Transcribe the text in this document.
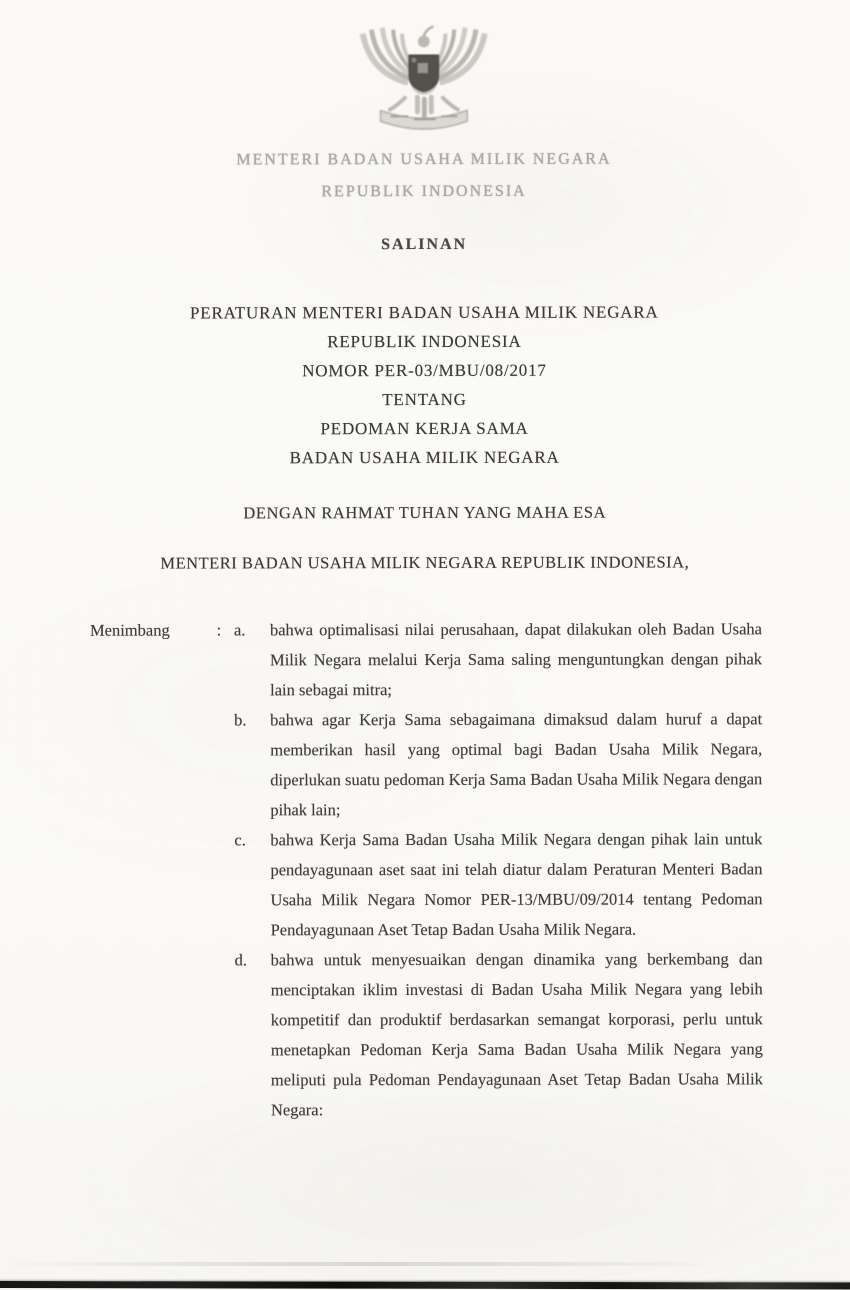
MENTERI BADAN USAHA MILIK NEGARA
REPUBLIK INDONESIA
SALINAN
PERATURAN MENTERI BADAN USAHA MILIK NEGARA
REPUBLIK INDONESIA
NOMOR PER-03/MBU/08/2017
TENTANG
PEDOMAN KERJA SAMA
BADAN USAHA MILIK NEGARA
DENGAN RAHMAT TUHAN YANG MAHA ESA
MENTERI BADAN USAHA MILIK NEGARA REPUBLIK INDONESIA,
Menimbang	: a.	bahwa optimalisasi nilai perusahaan, dapat dilakukan oleh Badan Usaha Milik Negara melalui Kerja Sama saling menguntungkan dengan pihak lain sebagai mitra;
b.	bahwa agar Kerja Sama sebagaimana dimaksud dalam huruf a dapat memberikan hasil yang optimal bagi Badan Usaha Milik Negara, diperlukan suatu pedoman Kerja Sama Badan Usaha Milik Negara dengan pihak lain;
c.	bahwa Kerja Sama Badan Usaha Milik Negara dengan pihak lain untuk pendayagunaan aset saat ini telah diatur dalam Peraturan Menteri Badan Usaha Milik Negara Nomor PER-13/MBU/09/2014 tentang Pedoman Pendayagunaan Aset Tetap Badan Usaha Milik Negara.
d.	bahwa untuk menyesuaikan dengan dinamika yang berkembang dan menciptakan iklim investasi di Badan Usaha Milik Negara yang lebih kompetitif dan produktif berdasarkan semangat korporasi, perlu untuk menetapkan Pedoman Kerja Sama Badan Usaha Milik Negara yang meliputi pula Pedoman Pendayagunaan Aset Tetap Badan Usaha Milik Negara:
